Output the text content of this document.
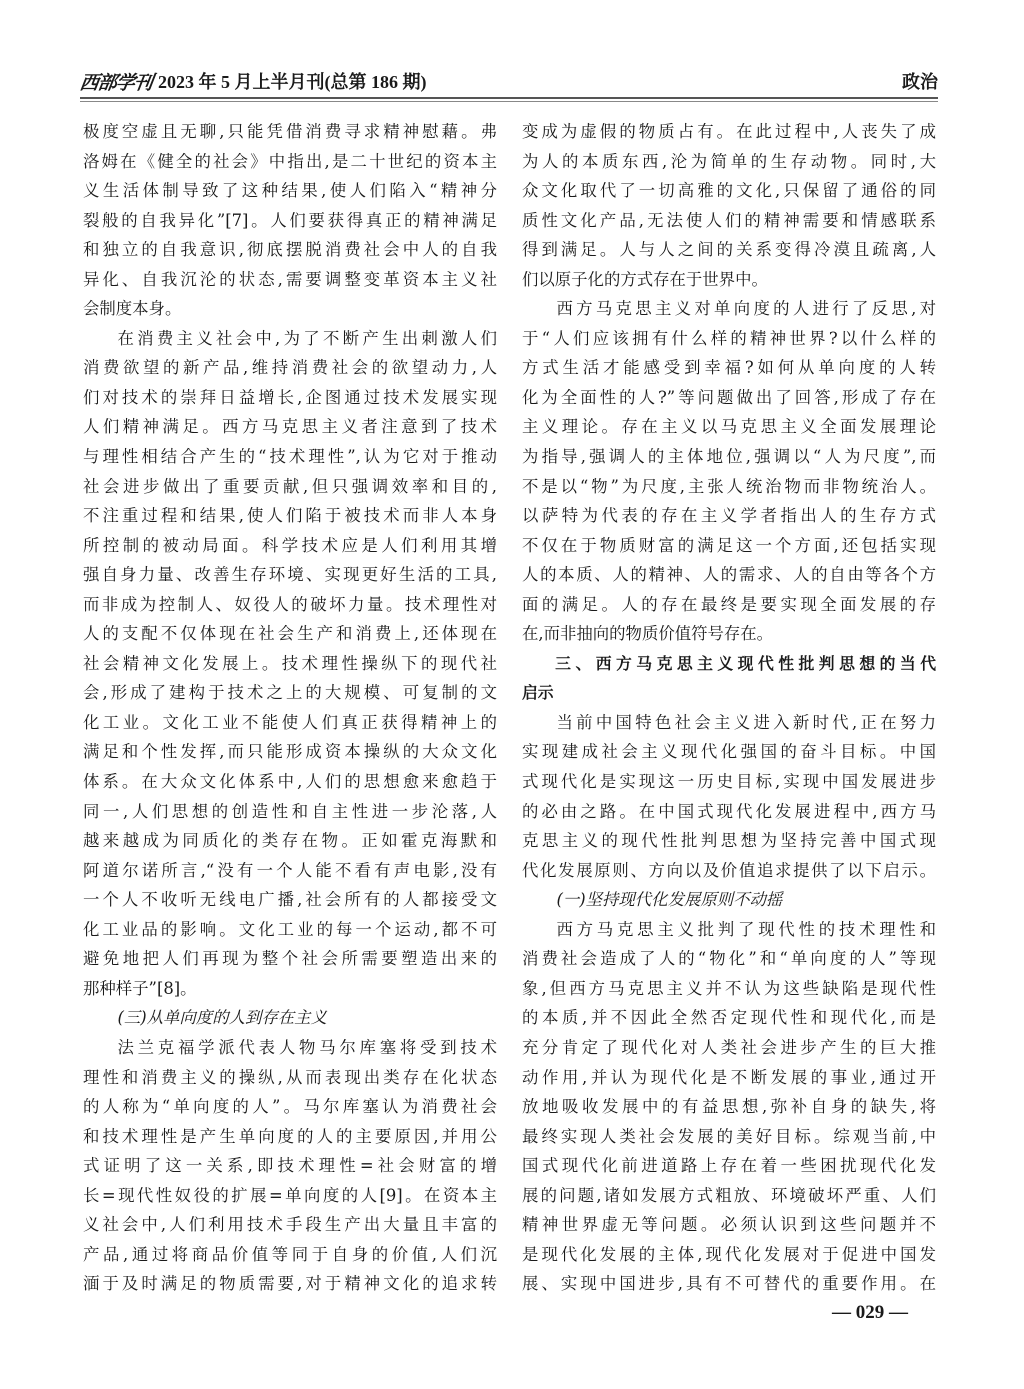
西部学刊 2023 年 5 月上半月刊(总第 186 期)	政治
极度空虚且无聊,只能凭借消费寻求精神慰藉。弗
洛姆在《健全的社会》中指出,是二十世纪的资本主
义生活体制导致了这种结果,使人们陷入“精神分
裂般的自我异化”[7]。人们要获得真正的精神满足
和独立的自我意识,彻底摆脱消费社会中人的自我
异化、自我沉沦的状态,需要调整变革资本主义社
会制度本身。
在消费主义社会中,为了不断产生出刺激人们
消费欲望的新产品,维持消费社会的欲望动力,人
们对技术的崇拜日益增长,企图通过技术发展实现
人们精神满足。西方马克思主义者注意到了技术
与理性相结合产生的“技术理性”,认为它对于推动
社会进步做出了重要贡献,但只强调效率和目的,
不注重过程和结果,使人们陷于被技术而非人本身
所控制的被动局面。科学技术应是人们利用其增
强自身力量、改善生存环境、实现更好生活的工具,
而非成为控制人、奴役人的破坏力量。技术理性对
人的支配不仅体现在社会生产和消费上,还体现在
社会精神文化发展上。技术理性操纵下的现代社
会,形成了建构于技术之上的大规模、可复制的文
化工业。文化工业不能使人们真正获得精神上的
满足和个性发挥,而只能形成资本操纵的大众文化
体系。在大众文化体系中,人们的思想愈来愈趋于
同一,人们思想的创造性和自主性进一步沦落,人
越来越成为同质化的类存在物。正如霍克海默和
阿道尔诺所言,“没有一个人能不看有声电影,没有
一个人不收听无线电广播,社会所有的人都接受文
化工业品的影响。文化工业的每一个运动,都不可
避免地把人们再现为整个社会所需要塑造出来的
那种样子”[8]。
(三)从单向度的人到存在主义
法兰克福学派代表人物马尔库塞将受到技术
理性和消费主义的操纵,从而表现出类存在化状态
的人称为“单向度的人”。马尔库塞认为消费社会
和技术理性是产生单向度的人的主要原因,并用公
式证明了这一关系,即技术理性=社会财富的增
长=现代性奴役的扩展=单向度的人[9]。在资本主
义社会中,人们利用技术手段生产出大量且丰富的
产品,通过将商品价值等同于自身的价值,人们沉
湎于及时满足的物质需要,对于精神文化的追求转
变成为虚假的物质占有。在此过程中,人丧失了成
为人的本质东西,沦为简单的生存动物。同时,大
众文化取代了一切高雅的文化,只保留了通俗的同
质性文化产品,无法使人们的精神需要和情感联系
得到满足。人与人之间的关系变得冷漠且疏离,人
们以原子化的方式存在于世界中。
西方马克思主义对单向度的人进行了反思,对
于“人们应该拥有什么样的精神世界?以什么样的
方式生活才能感受到幸福?如何从单向度的人转
化为全面性的人?”等问题做出了回答,形成了存在
主义理论。存在主义以马克思主义全面发展理论
为指导,强调人的主体地位,强调以“人为尺度”,而
不是以“物”为尺度,主张人统治物而非物统治人。
以萨特为代表的存在主义学者指出人的生存方式
不仅在于物质财富的满足这一个方面,还包括实现
人的本质、人的精神、人的需求、人的自由等各个方
面的满足。人的存在最终是要实现全面发展的存
在,而非抽向的物质价值符号存在。
三、西方马克思主义现代性批判思想的当代
启示
当前中国特色社会主义进入新时代,正在努力
实现建成社会主义现代化强国的奋斗目标。中国
式现代化是实现这一历史目标,实现中国发展进步
的必由之路。在中国式现代化发展进程中,西方马
克思主义的现代性批判思想为坚持完善中国式现
代化发展原则、方向以及价值追求提供了以下启示。
(一)坚持现代化发展原则不动摇
西方马克思主义批判了现代性的技术理性和
消费社会造成了人的“物化”和“单向度的人”等现
象,但西方马克思主义并不认为这些缺陷是现代性
的本质,并不因此全然否定现代性和现代化,而是
充分肯定了现代化对人类社会进步产生的巨大推
动作用,并认为现代化是不断发展的事业,通过开
放地吸收发展中的有益思想,弥补自身的缺失,将
最终实现人类社会发展的美好目标。综观当前,中
国式现代化前进道路上存在着一些困扰现代化发
展的问题,诸如发展方式粗放、环境破坏严重、人们
精神世界虚无等问题。必须认识到这些问题并不
是现代化发展的主体,现代化发展对于促进中国发
展、实现中国进步,具有不可替代的重要作用。在
— 029 —
